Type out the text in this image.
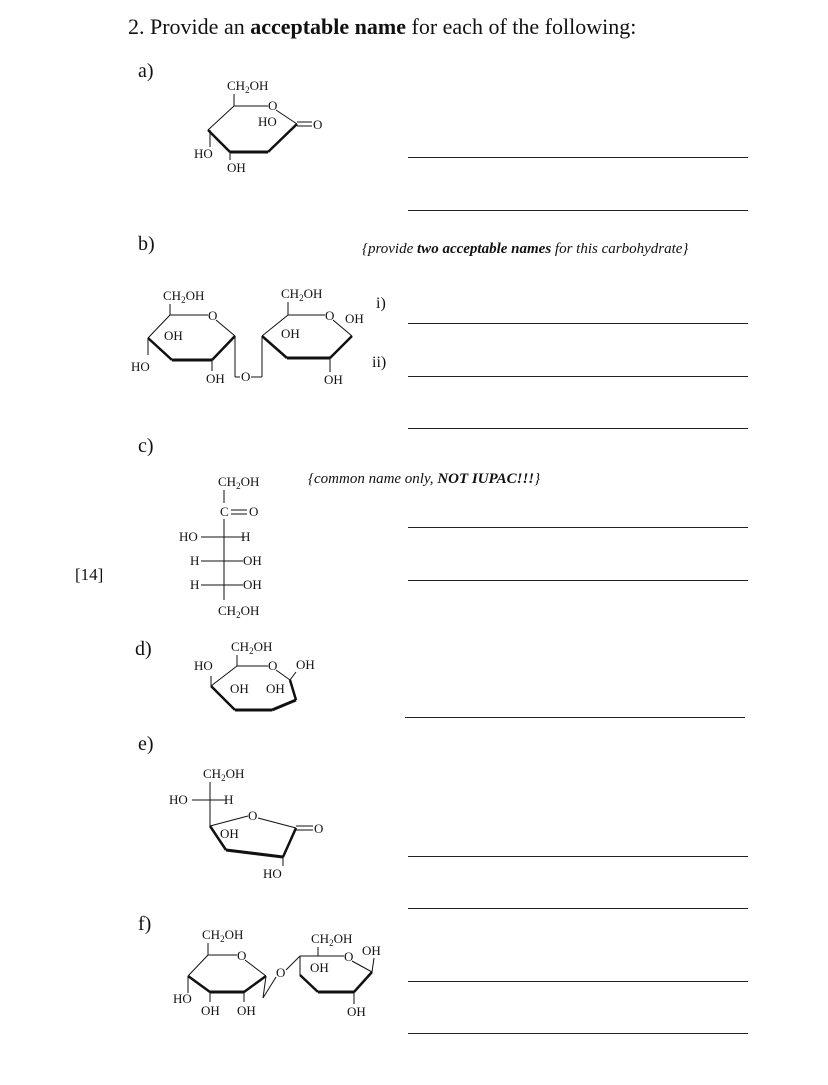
2. Provide an acceptable name for each of the following:
[14]
a)
b)
c)
d)
e)
f)
{provide two acceptable names for this carbohydrate}
i)
ii)
{common name only, NOT IUPAC!!!}
$CH_2OH$
O
HO	O
HO
OH
$CH_2OH$
O
OH
HO
OH O
$CH_2OH$
O OH
OH
OH
$CH_2OH$
C O
HO	H
H	OH
H	OH
$CH_2OH$
$CH_2OH$
O OH
HO
OH OH
$CH_2OH$
HO	H
O
O
OH
HO
$CH_2OH$
O
HO
OH OH
O
$CH_2OH$
O OH
OH
OH
